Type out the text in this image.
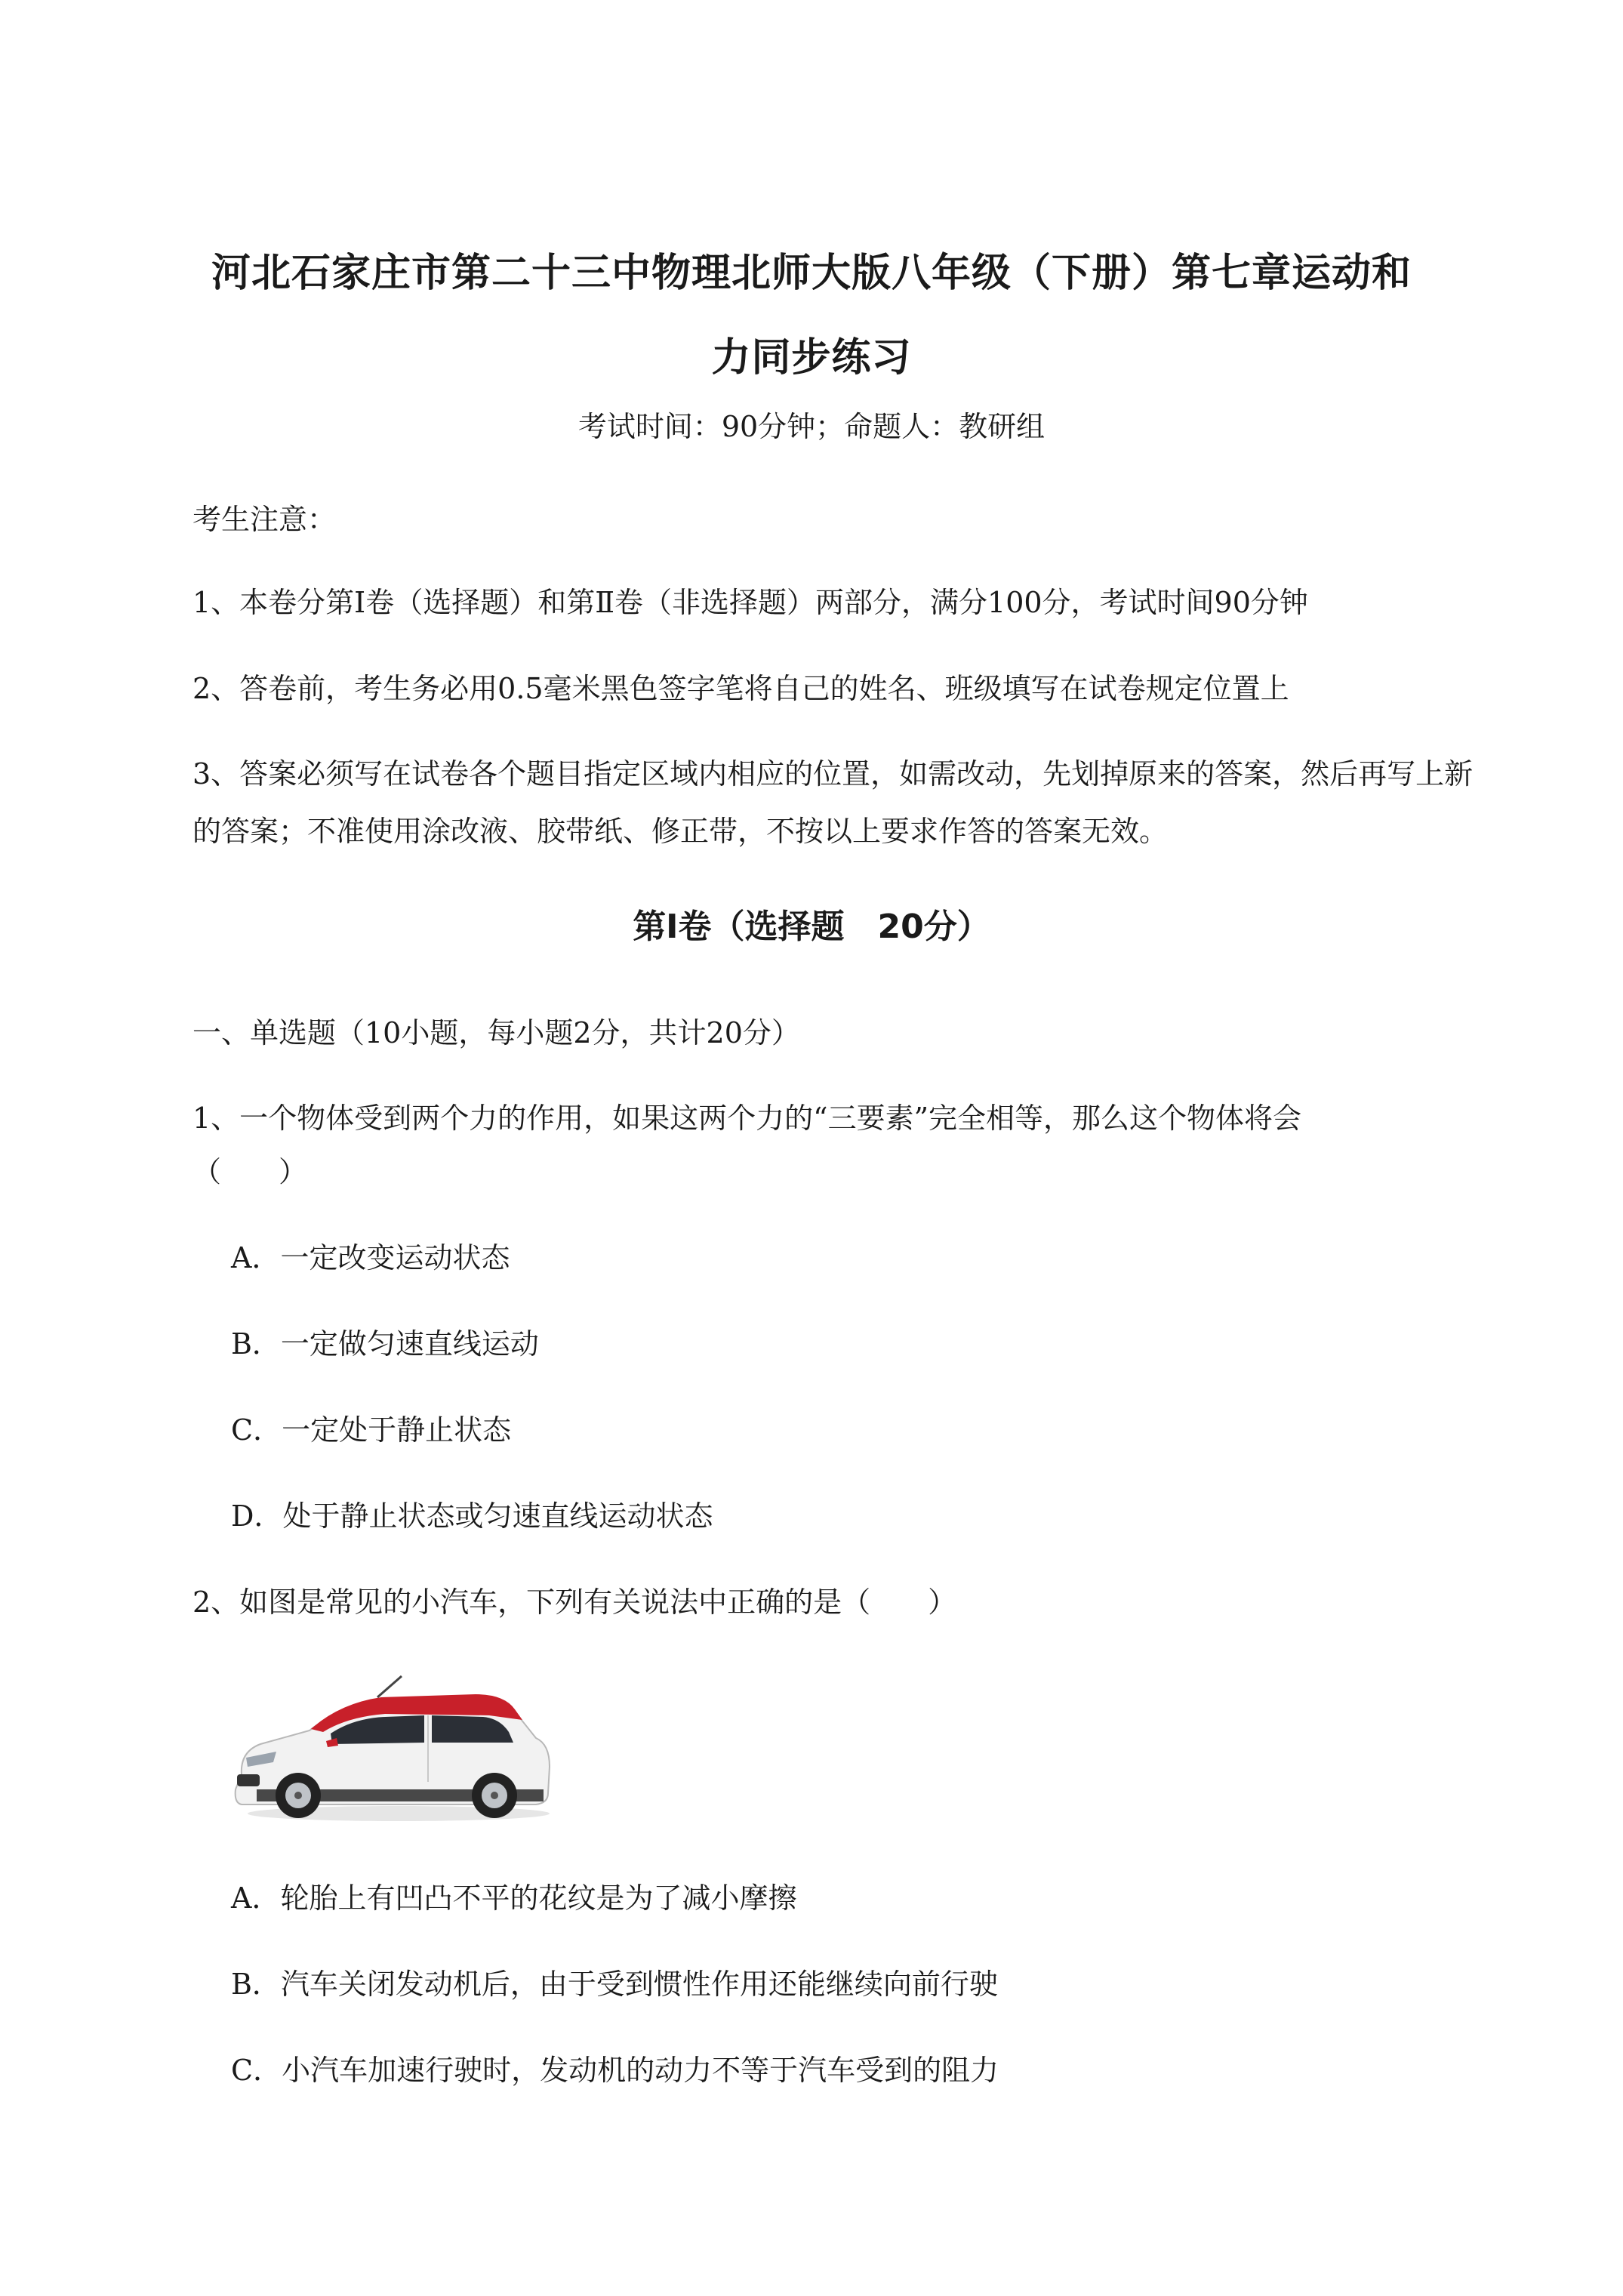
河北石家庄市第二十三中物理北师大版八年级（下册）第七章运动和
力同步练习
考试时间：90分钟；命题人：教研组
考生注意：
1、本卷分第Ⅰ卷（选择题）和第Ⅱ卷（非选择题）两部分，满分100分，考试时间90分钟
2、答卷前，考生务必用0.5毫米黑色签字笔将自己的姓名、班级填写在试卷规定位置上
3、答案必须写在试卷各个题目指定区域内相应的位置，如需改动，先划掉原来的答案，然后再写上新
的答案；不准使用涂改液、胶带纸、修正带，不按以上要求作答的答案无效。
第Ⅰ卷（选择题　20分）
一、单选题（10小题，每小题2分，共计20分）
1、一个物体受到两个力的作用，如果这两个力的“三要素”完全相等，那么这个物体将会
（　　）
A．一定改变运动状态
B．一定做匀速直线运动
C．一定处于静止状态
D．处于静止状态或匀速直线运动状态
2、如图是常见的小汽车，下列有关说法中正确的是（　　）
A．轮胎上有凹凸不平的花纹是为了减小摩擦
B．汽车关闭发动机后，由于受到惯性作用还能继续向前行驶
C．小汽车加速行驶时，发动机的动力不等于汽车受到的阻力
